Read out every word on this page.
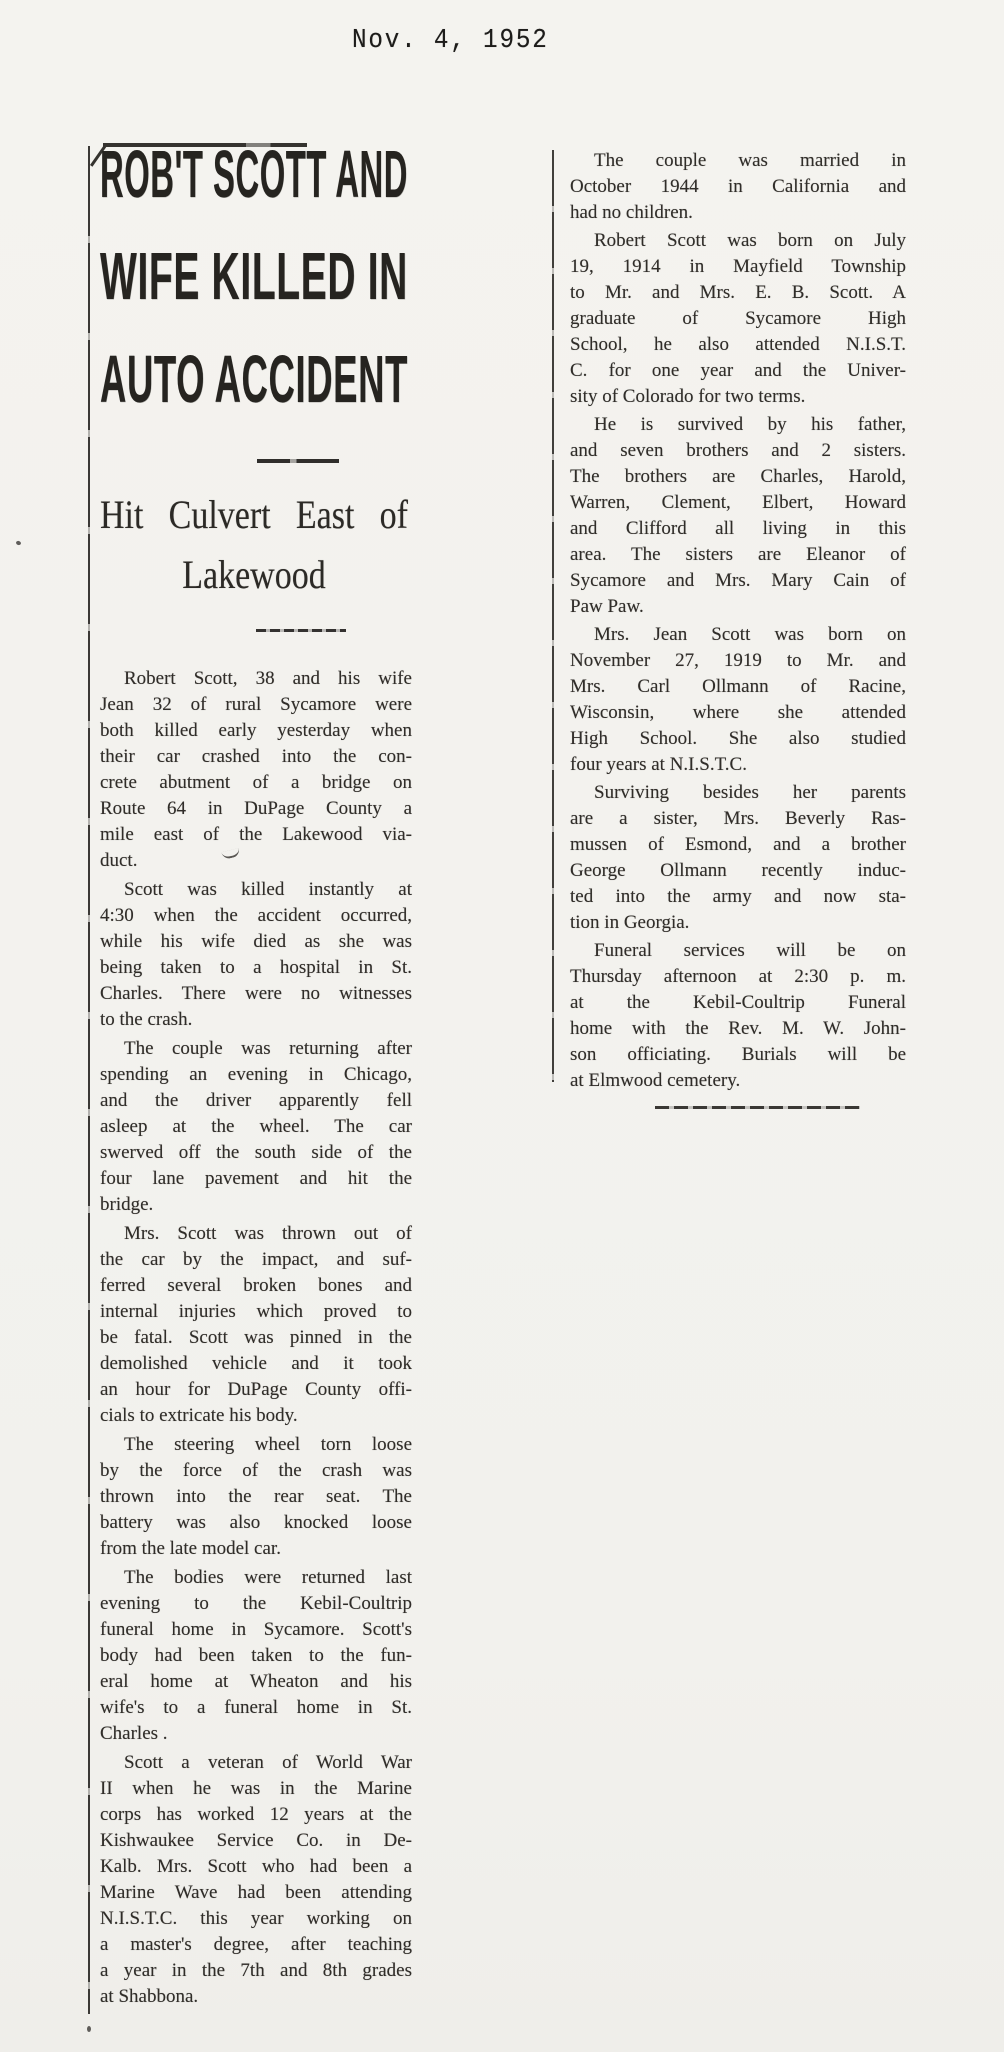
Nov. 4, 1952
ROB'T SCOTT AND
WIFE KILLED IN
AUTO ACCIDENT
Hit Culvert East of
Lakewood
Robert Scott, 38 and his wife
Jean 32 of rural Sycamore were
both killed early yesterday when
their car crashed into the con-
crete abutment of a bridge on
Route 64 in DuPage County a
mile east of the Lakewood via-
duct.
Scott was killed instantly at
4:30 when the accident occurred,
while his wife died as she was
being taken to a hospital in St.
Charles. There were no witnesses
to the crash.
The couple was returning after
spending an evening in Chicago,
and the driver apparently fell
asleep at the wheel. The car
swerved off the south side of the
four lane pavement and hit the
bridge.
Mrs. Scott was thrown out of
the car by the impact, and suf-
ferred several broken bones and
internal injuries which proved to
be fatal. Scott was pinned in the
demolished vehicle and it took
an hour for DuPage County offi-
cials to extricate his body.
The steering wheel torn loose
by the force of the crash was
thrown into the rear seat. The
battery was also knocked loose
from the late model car.
The bodies were returned last
evening to the Kebil-Coultrip
funeral home in Sycamore. Scott's
body had been taken to the fun-
eral home at Wheaton and his
wife's to a funeral home in St.
Charles .
Scott a veteran of World War
II when he was in the Marine
corps has worked 12 years at the
Kishwaukee Service Co. in De-
Kalb. Mrs. Scott who had been a
Marine Wave had been attending
N.I.S.T.C. this year working on
a master's degree, after teaching
a year in the 7th and 8th grades
at Shabbona.
The couple was married in
October 1944 in California and
had no children.
Robert Scott was born on July
19, 1914 in Mayfield Township
to Mr. and Mrs. E. B. Scott. A
graduate of Sycamore High
School, he also attended N.I.S.T.
C. for one year and the Univer-
sity of Colorado for two terms.
He is survived by his father,
and seven brothers and 2 sisters.
The brothers are Charles, Harold,
Warren, Clement, Elbert, Howard
and Clifford all living in this
area. The sisters are Eleanor of
Sycamore and Mrs. Mary Cain of
Paw Paw.
Mrs. Jean Scott was born on
November 27, 1919 to Mr. and
Mrs. Carl Ollmann of Racine,
Wisconsin, where she attended
High School. She also studied
four years at N.I.S.T.C.
Surviving besides her parents
are a sister, Mrs. Beverly Ras-
mussen of Esmond, and a brother
George Ollmann recently induc-
ted into the army and now sta-
tion in Georgia.
Funeral services will be on
Thursday afternoon at 2:30 p. m.
at the Kebil-Coultrip Funeral
home with the Rev. M. W. John-
son officiating. Burials will be
at Elmwood cemetery.
